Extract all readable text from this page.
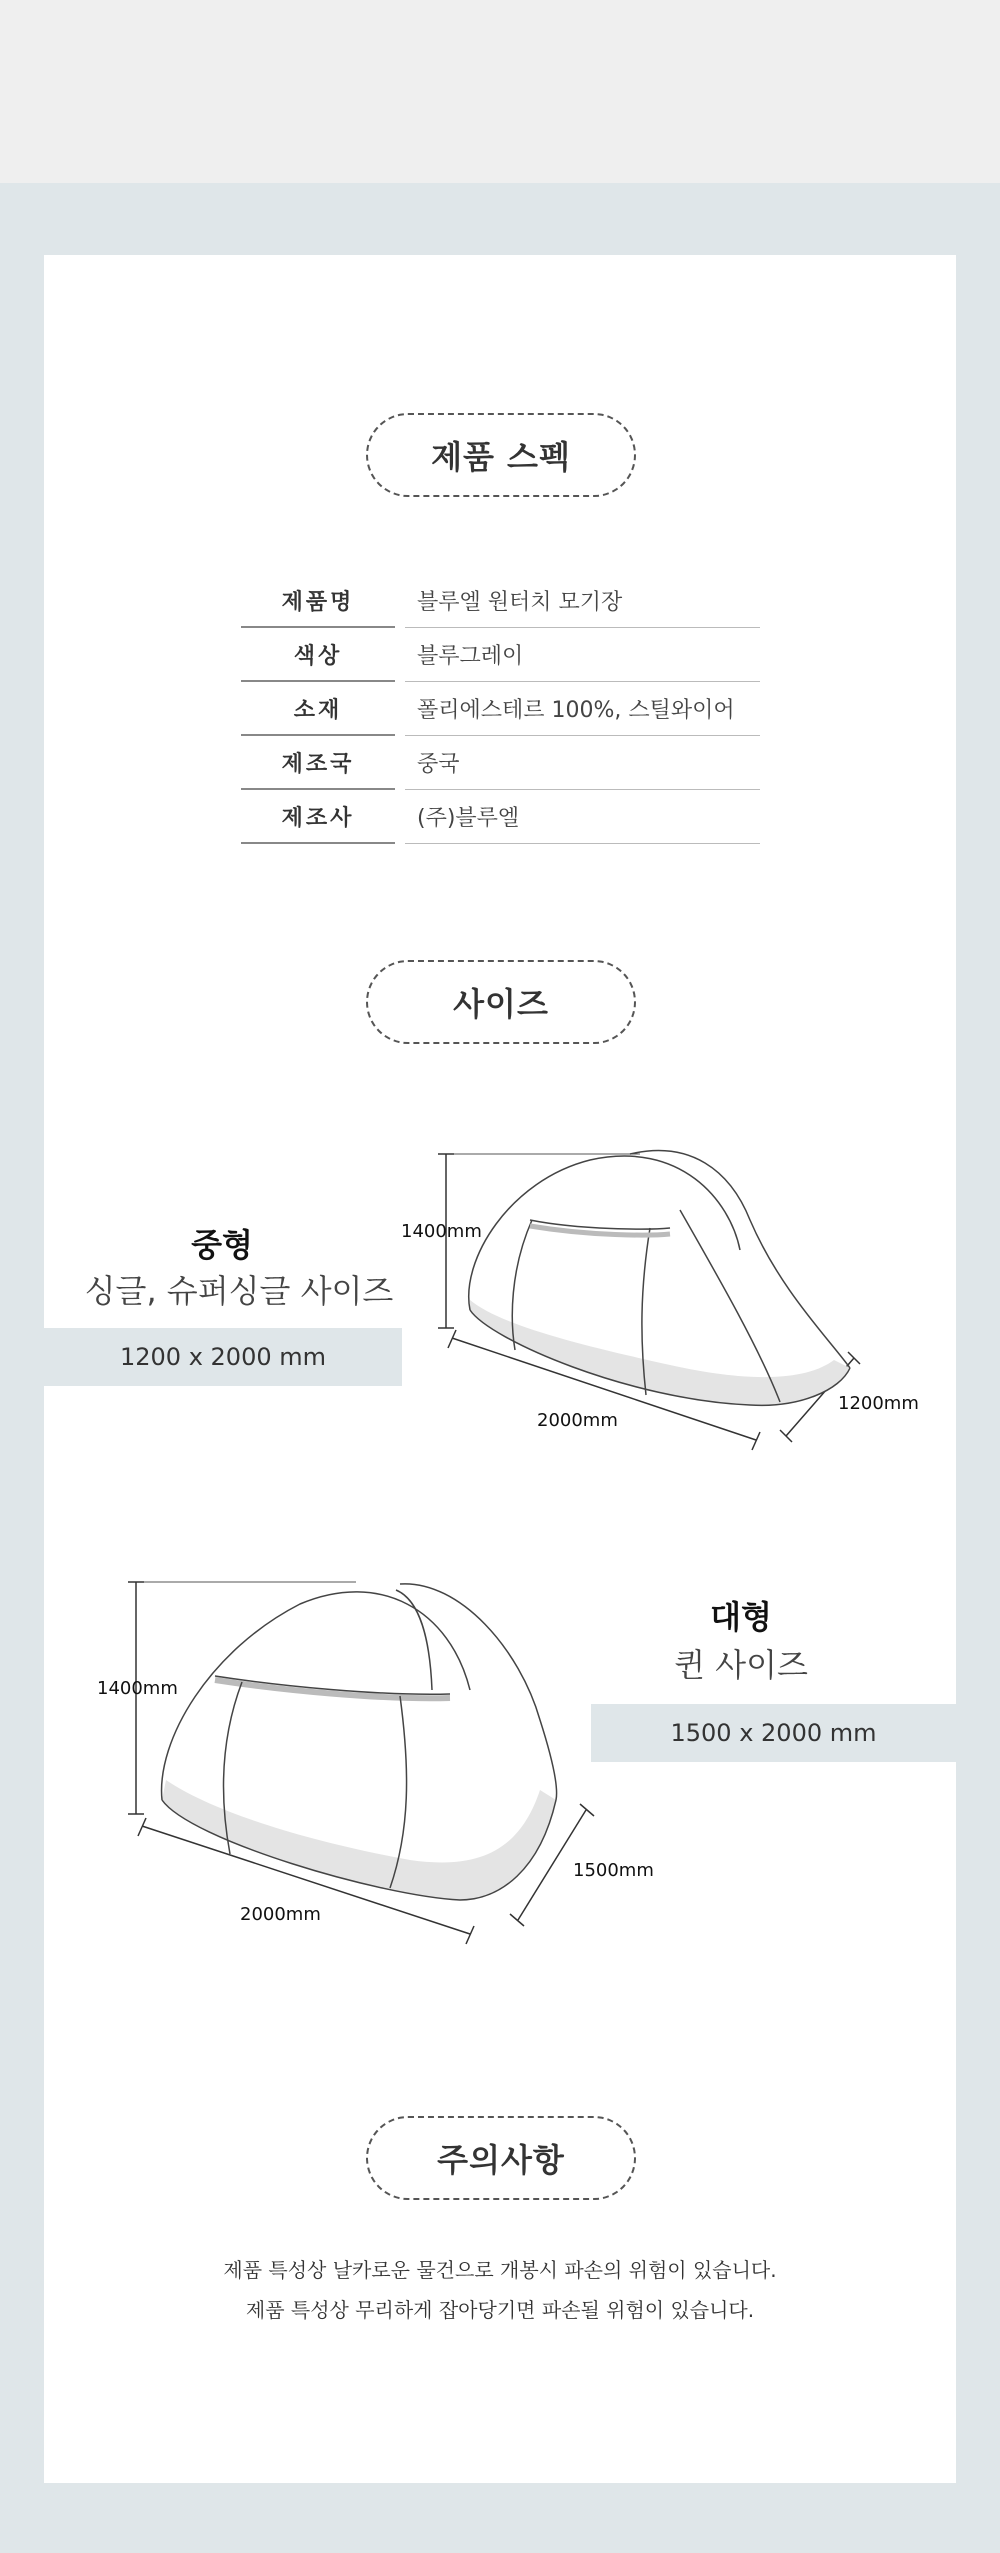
제품 스펙
제품명		블루엘 원터치 모기장
색상		블루그레이
소재		폴리에스테르 100%, 스틸와이어
제조국		중국
제조사		(주)블루엘
사이즈
중형
싱글, 슈퍼싱글 사이즈
1200 x 2000 mm
1400mm
2000mm
1200mm
대형
퀸 사이즈
1500 x 2000 mm
1400mm
2000mm
1500mm
주의사항
제품 특성상 날카로운 물건으로 개봉시 파손의 위험이 있습니다.
제품 특성상 무리하게 잡아당기면 파손될 위험이 있습니다.
